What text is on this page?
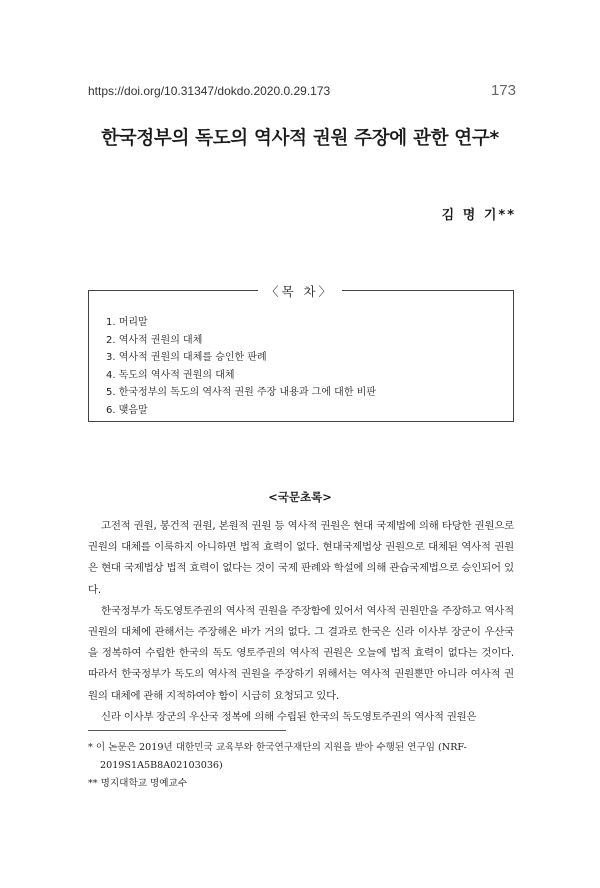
https://doi.org/10.31347/dokdo.2020.0.29.173	173
한국정부의 독도의 역사적 권원 주장에 관한 연구*
김 명 기**
〈목 차〉
1. 머리말
2. 역사적 권원의 대체
3. 역사적 권원의 대체를 승인한 판례
4. 독도의 역사적 권원의 대체
5. 한국정부의 독도의 역사적 권원 주장 내용과 그에 대한 비판
6. 맺음말
<국문초록>

고전적 권원, 봉건적 권원, 본원적 권원 등 역사적 권원은 현대 국제법에 의해 타당한 권원으로 권원의 대체를 이룩하지 아니하면 법적 효력이 없다. 현대국제법상 권원으로 대체된 역사적 권원은 현대 국제법상 법적 효력이 없다는 것이 국제 판례와 학설에 의해 관습국제법으로 승인되어 있다.

한국정부가 독도영토주권의 역사적 권원을 주장함에 있어서 역사적 권원만을 주장하고 역사적 권원의 대체에 관해서는 주장해온 바가 거의 없다. 그 결과로 한국은 신라 이사부 장군이 우산국을 정복하여 수립한 한국의 독도 영토주권의 역사적 권원은 오늘에 법적 효력이 없다는 것이다. 따라서 한국정부가 독도의 역사적 권원을 주장하기 위해서는 역사적 권원뿐만 아니라 여사적 권원의 대체에 관해 지적하여야 함이 시급히 요청되고 있다.

신라 이사부 장군의 우산국 정복에 의해 수립된 한국의 독도영토주권의 역사적 권원은

* 이 논문은 2019년 대한민국 교육부와 한국연구재단의 지원을 받아 수행된 연구임 (NRF-2019S1A5B8A02103036)

** 명지대학교 명예교수
